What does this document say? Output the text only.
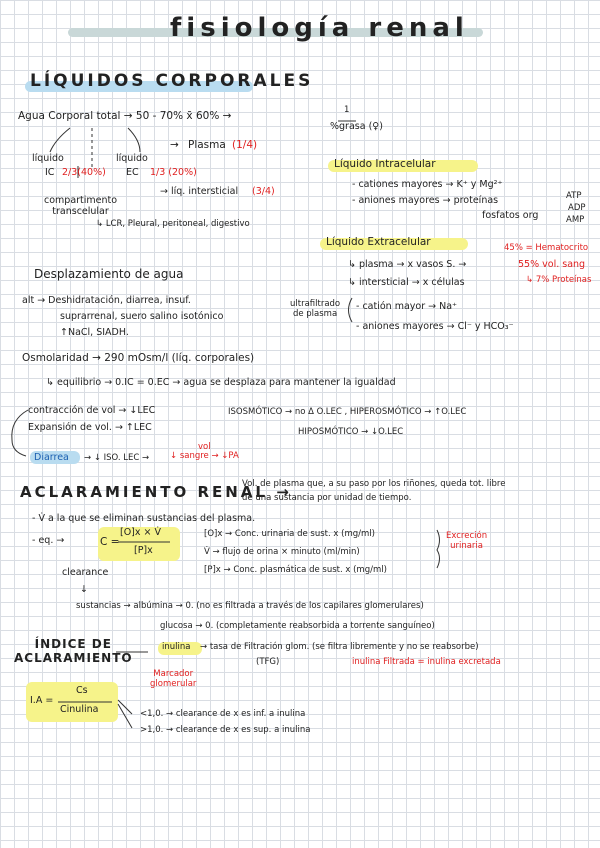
fisiología renal
LÍQUIDOS CORPORALES
Agua Corporal total → 50 - 70% x̄ 60% →	1
%grasa (♀)
Plasma (1/4)
→
líquido
IC 2/3(40%)
líquido
EC 1/3 (20%)
→ líq. intersticial (3/4)
compartimento
transcelular
↳ LCR, Pleural, peritoneal, digestivo
Líquido Intracelular
- cationes mayores → K⁺ y Mg²⁺
- aniones mayores → proteínas
fosfatos org
ATP
ADP
AMP
Líquido Extracelular	45% = Hematocrito
↳ plasma → x vasos S. →	55% vol. sang
↳ 7% Proteínas
↳ intersticial → x células
ultrafiltrado
de plasma
- catión mayor → Na⁺
- aniones mayores → Cl⁻ y HCO₃⁻
Desplazamiento de agua
alt → Deshidratación, diarrea, insuf.
suprarrenal, suero salino isotónico
↑NaCl, SIADH.
Osmolaridad → 290 mOsm/l (líq. corporales)
↳ equilibrio → 0.IC = 0.EC → agua se desplaza para mantener la igualdad
contracción de vol → ↓LEC
Expansión de vol. → ↑LEC
ISOSMÓTICO → no Δ O.LEC , HIPEROSMÓTICO → ↑O.LEC
HIPOSMÓTICO → ↓O.LEC
vol
Diarrea → ↓ ISO. LEC → ↓ sangre → ↓PA
ACLARAMIENTO RENAL →
Vol. de plasma que, a su paso por los riñones, queda tot. libre
de una sustancia por unidad de tiempo.
- V̇ a la que se eliminan sustancias del plasma.
- eq. →	C =
[O]x × V̇
[P]x
[O]x → Conc. urinaria de sust. x (mg/ml)
V̇ → flujo de orina × minuto (ml/min)
[P]x → Conc. plasmática de sust. x (mg/ml)
Excreción
urinaria
clearance
↓
sustancias → albúmina → 0. (no es filtrada a través de los capilares glomerulares)
glucosa → 0. (completamente reabsorbida a torrente sanguíneo)
inulina → tasa de Filtración glom. (se filtra libremente y no se reabsorbe)
(TFG)	inulina Filtrada = inulina excretada
Marcador
glomerular
ÍNDICE DE
ACLARAMIENTO
I.A =
Cs
Cinulina	<1,0. → clearance de x es inf. a inulina
>1,0. → clearance de x es sup. a inulina
